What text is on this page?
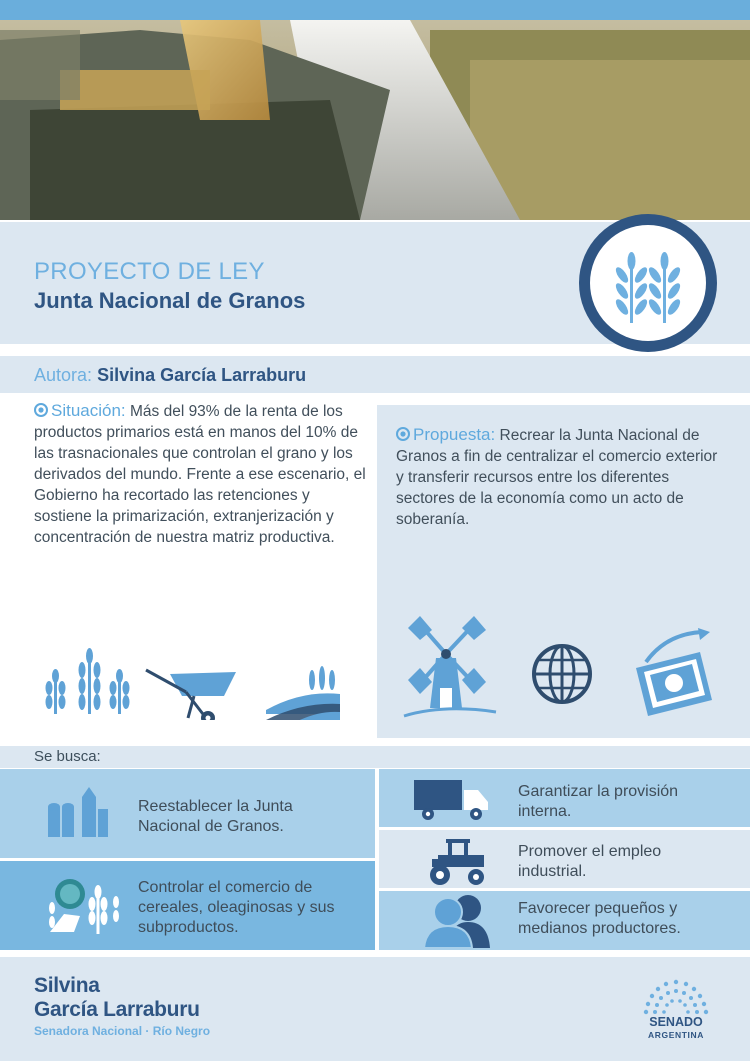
PROYECTO DE LEY
Junta Nacional de Granos
Autora: Silvina García Larraburu
Situación: Más del 93% de la renta de los productos primarios está en manos del 10% de las trasnacionales que controlan el grano y los derivados del mundo. Frente a ese escenario, el Gobierno ha recortado las retenciones y sostiene la primarización, extranjerización y concentración de nuestra matriz productiva.
Propuesta: Recrear la Junta Nacional de Granos a fin de centralizar el comercio exterior y transferir recursos entre los diferentes sectores de la economía como un acto de soberanía.
Se busca:
Reestablecer la Junta Nacional de Granos.
Controlar el comercio de cereales, oleaginosas y sus subproductos.
Garantizar la provisión interna.
Promover el empleo industrial.
Favorecer pequeños y medianos productores.
Silvina
García Larraburu
Senadora Nacional · Río Negro
SENADO
ARGENTINA
